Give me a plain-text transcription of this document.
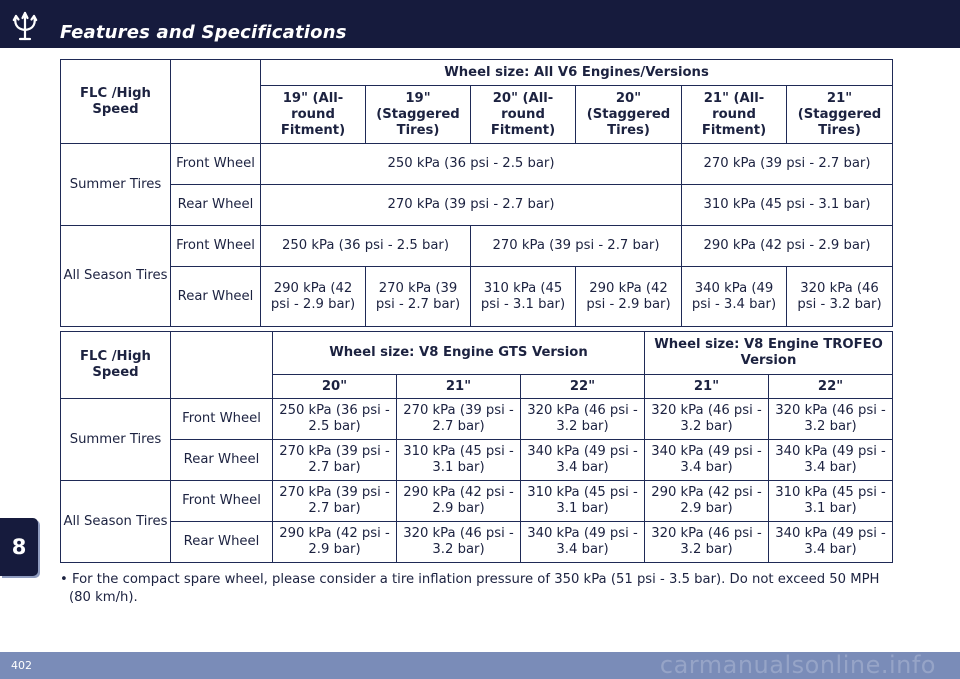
Features and Specifications
FLC /High Speed		Wheel size: All V6 Engines/Versions					
		19" (All-round Fitment)	19" (Staggered Tires)	20" (All-round Fitment)	20" (Staggered Tires)	21" (All-round Fitment)	21" (Staggered Tires)
Summer Tires	Front Wheel	250 kPa (36 psi - 2.5 bar)				270 kPa (39 psi - 2.7 bar)	
	Rear Wheel	270 kPa (39 psi - 2.7 bar)				310 kPa (45 psi - 3.1 bar)	
All Season Tires	Front Wheel	250 kPa (36 psi - 2.5 bar)		270 kPa (39 psi - 2.7 bar)		290 kPa (42 psi - 2.9 bar)	
	Rear Wheel	290 kPa (42 psi - 2.9 bar)	270 kPa (39 psi - 2.7 bar)	310 kPa (45 psi - 3.1 bar)	290 kPa (42 psi - 2.9 bar)	340 kPa (49 psi - 3.4 bar)	320 kPa (46 psi - 3.2 bar)
FLC /High Speed		Wheel size: V8 Engine GTS Version			Wheel size: V8 Engine TROFEO Version	
		20"	21"	22"	21"	22"
Summer Tires	Front Wheel	250 kPa (36 psi - 2.5 bar)	270 kPa (39 psi - 2.7 bar)	320 kPa (46 psi - 3.2 bar)	320 kPa (46 psi - 3.2 bar)	320 kPa (46 psi - 3.2 bar)
	Rear Wheel	270 kPa (39 psi - 2.7 bar)	310 kPa (45 psi - 3.1 bar)	340 kPa (49 psi - 3.4 bar)	340 kPa (49 psi - 3.4 bar)	340 kPa (49 psi - 3.4 bar)
All Season Tires	Front Wheel	270 kPa (39 psi - 2.7 bar)	290 kPa (42 psi - 2.9 bar)	310 kPa (45 psi - 3.1 bar)	290 kPa (42 psi - 2.9 bar)	310 kPa (45 psi - 3.1 bar)
	Rear Wheel	290 kPa (42 psi - 2.9 bar)	320 kPa (46 psi - 3.2 bar)	340 kPa (49 psi - 3.4 bar)	320 kPa (46 psi - 3.2 bar)	340 kPa (49 psi - 3.4 bar)
• For the compact spare wheel, please consider a tire inflation pressure of 350 kPa (51 psi - 3.5 bar). Do not exceed 50 MPH (80 km/h).
8
402	carmanualsonline.info
